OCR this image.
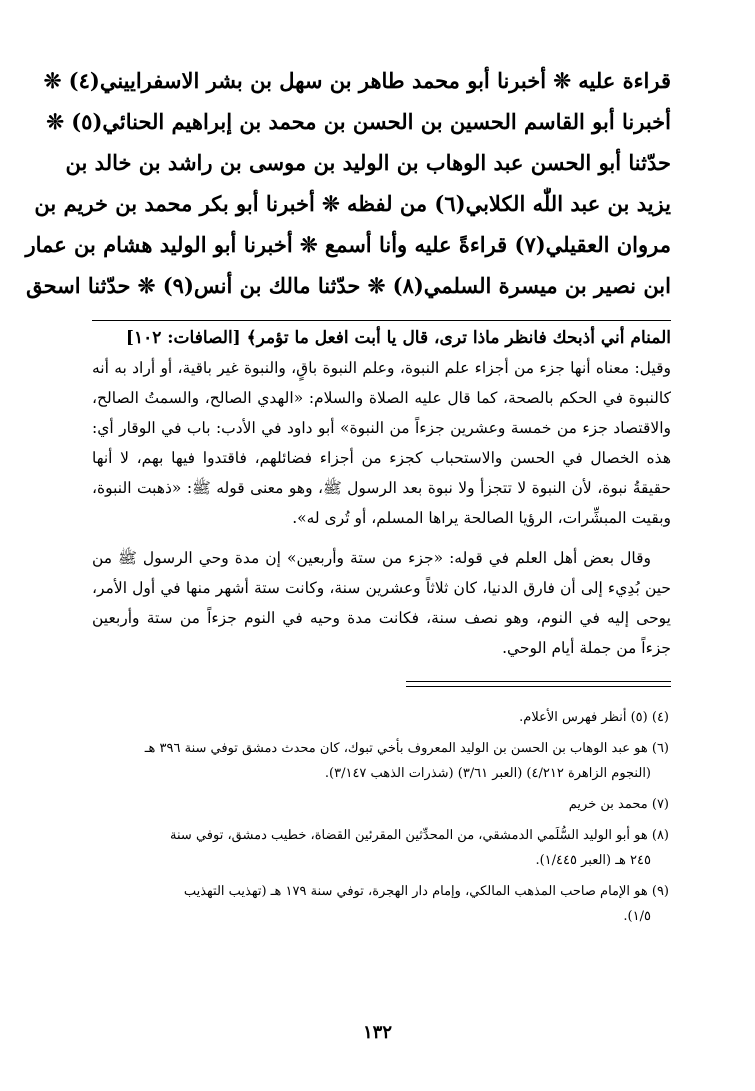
قراءة عليه ❊ أخبرنا أبو محمد طاهر بن سهل بن بشر الاسفراييني(٤) ❊
أخبرنا أبو القاسم الحسين بن الحسن بن محمد بن إبراهيم الحنائي(٥) ❊
حدّثنا أبو الحسن عبد الوهاب بن الوليد بن موسى بن راشد بن خالد بن
يزيد بن عبد اللّٰه الكلابي(٦) من لفظه ❊ أخبرنا أبو بكر محمد بن خريم بن
مروان العقيلي(٧) قراءةً عليه وأنا أسمع ❊ أخبرنا أبو الوليد هشام بن عمار
ابن نصير بن ميسرة السلمي(٨) ❊ حدّثنا مالك بن أنس(٩) ❊ حدّثنا اسحق

المنام أني أذبحك فانظر ماذا ترى، قال يا أبت افعل ما تؤمر﴾ [الصافات: ١٠٢]

وقيل: معناه أنها جزء من أجزاء علم النبوة، وعلم النبوة باقٍ، والنبوة غير باقية، أو أراد به أنه كالنبوة في الحكم بالصحة، كما قال عليه الصلاة والسلام: «الهدي الصالح، والسمتُ الصالح، والاقتصاد جزء من خمسة وعشرين جزءاً من النبوة» أبو داود في الأدب: باب في الوقار أي: هذه الخصال في الحسن والاستحباب كجزء من أجزاء فضائلهم، فاقتدوا فيها بهم، لا أنها حقيقةُ نبوة، لأن النبوة لا تتجزأ ولا نبوة بعد الرسول ﷺ، وهو معنى قوله ﷺ: «ذهبت النبوة، وبقيت المبشِّرات، الرؤيا الصالحة يراها المسلم، أو تُرى له».

وقال بعض أهل العلم في قوله: «جزء من ستة وأربعين» إن مدة وحي الرسول ﷺ من حين بُدِيء إلى أن فارق الدنيا، كان ثلاثاً وعشرين سنة، وكانت ستة أشهر منها في أول الأمر، يوحى إليه في النوم، وهو نصف سنة، فكانت مدة وحيه في النوم جزءاً من ستة وأربعين جزءاً من جملة أيام الوحي.

(٤) (٥) أنظر فهرس الأعلام.

(٦) هو عبد الوهاب بن الحسن بن الوليد المعروف بأخي تبوك، كان محدث دمشق توفي سنة ٣٩٦ هـ
(النجوم الزاهرة ٤/٢١٢) (العبر ٣/٦١) (شذرات الذهب ٣/١٤٧).

(٧) محمد بن خريم

(٨) هو أبو الوليد السُّلَمي الدمشقي، من المحدِّثين المقرئين القضاة، خطيب دمشق، توفي سنة
٢٤٥ هـ (العبر ١/٤٤٥).

(٩) هو الإمام صاحب المذهب المالكي، وإمام دار الهجرة، توفي سنة ١٧٩ هـ (تهذيب التهذيب
١/٥).

١٣٢
